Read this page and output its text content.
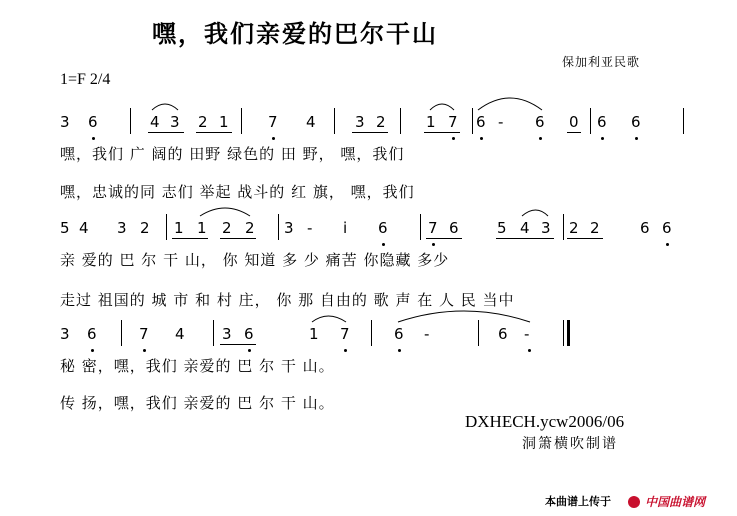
嘿，我们亲爱的巴尔干山
保加利亚民歌
1=F 2/4
3 6	4 3 2 1	7 4	3 2	1 7 6 - 6 0 6 6
嘿，我们 广 阔的 田野 绿色的 田 野， 嘿，我们
嘿，忠诚的同 志们 举起 战斗的 红 旗， 嘿，我们
5 4 3 2 1 1 2 2 3 - i 6	7 6	5 4 3 2 2	6 6
亲 爱的 巴 尔 干 山， 你 知道 多 少 痛苦 你隐藏 多少
走过 祖国的 城 市 和 村 庄， 你 那 自由的 歌 声 在 人 民 当中
3 6	7 4 3 6	1 7	6 -	6 -
秘 密，嘿，我们 亲爱的 巴 尔 干 山。
传 扬，嘿，我们 亲爱的 巴 尔 干 山。
DXHECH.ycw2006/06
洞箫横吹制谱
本曲谱上传于	中国曲谱网
